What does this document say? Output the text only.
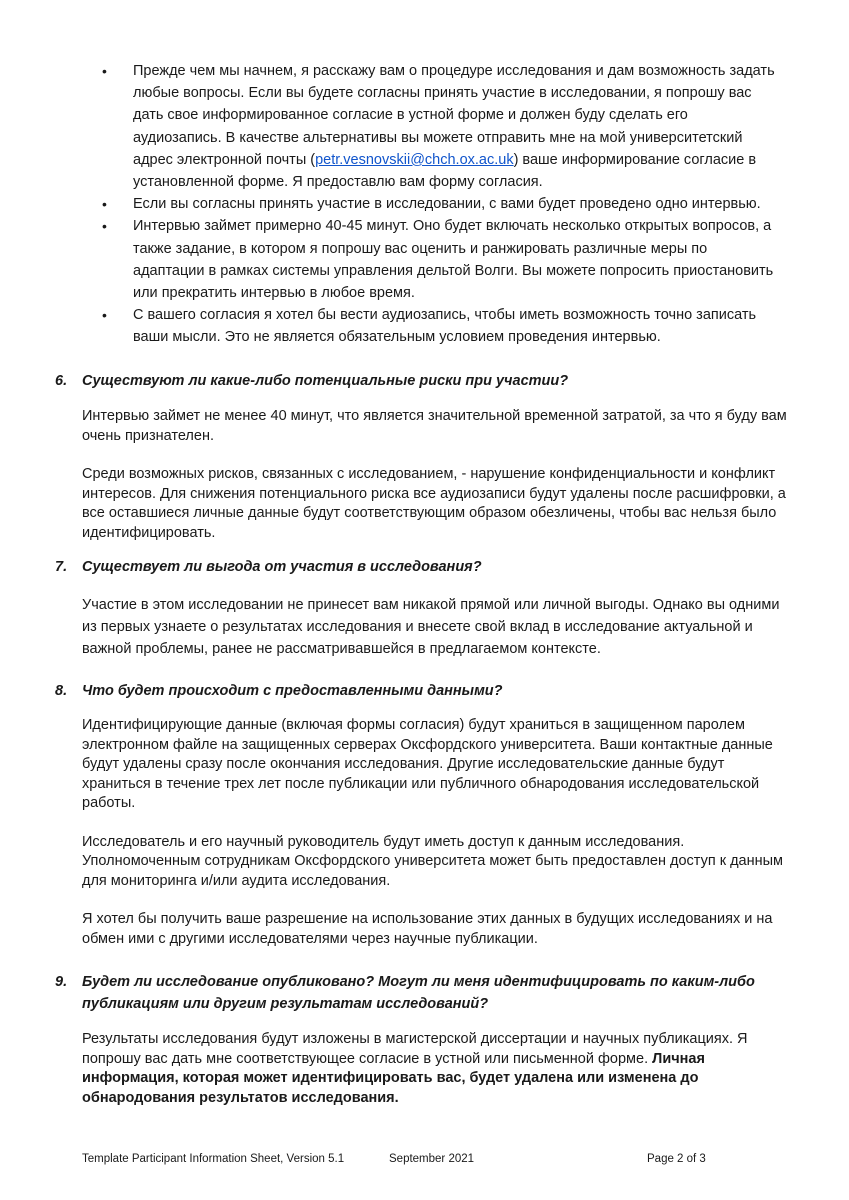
• Прежде чем мы начнем, я расскажу вам о процедуре исследования и дам возможность задать любые вопросы. Если вы будете согласны принять участие в исследовании, я попрошу вас дать свое информированное согласие в устной форме и должен буду сделать его аудиозапись. В качестве альтернативы вы можете отправить мне на мой университетский адрес электронной почты (petr.vesnovskii@chch.ox.ac.uk) ваше информирование согласие в установленной форме. Я предоставлю вам форму согласия.
• Если вы согласны принять участие в исследовании, с вами будет проведено одно интервью.
• Интервью займет примерно 40-45 минут. Оно будет включать несколько открытых вопросов, а также задание, в котором я попрошу вас оценить и ранжировать различные меры по адаптации в рамках системы управления дельтой Волги. Вы можете попросить приостановить или прекратить интервью в любое время.
• С вашего согласия я хотел бы вести аудиозапись, чтобы иметь возможность точно записать ваши мысли. Это не является обязательным условием проведения интервью.
6. Существуют ли какие-либо потенциальные риски при участии?

Интервью займет не менее 40 минут, что является значительной временной затратой, за что я буду вам очень признателен.

Среди возможных рисков, связанных с исследованием, - нарушение конфиденциальности и конфликт интересов. Для снижения потенциального риска все аудиозаписи будут удалены после расшифровки, а все оставшиеся личные данные будут соответствующим образом обезличены, чтобы вас нельзя было идентифицировать.

7. Существует ли выгода от участия в исследования?

Участие в этом исследовании не принесет вам никакой прямой или личной выгоды. Однако вы одними из первых узнаете о результатах исследования и внесете свой вклад в исследование актуальной и важной проблемы, ранее не рассматривавшейся в предлагаемом контексте.

8. Что будет происходит с предоставленными данными?

Идентифицирующие данные (включая формы согласия) будут храниться в защищенном паролем электронном файле на защищенных серверах Оксфордского университета. Ваши контактные данные будут удалены сразу после окончания исследования. Другие исследовательские данные будут храниться в течение трех лет после публикации или публичного обнародования исследовательской работы.

Исследователь и его научный руководитель будут иметь доступ к данным исследования. Уполномоченным сотрудникам Оксфордского университета может быть предоставлен доступ к данным для мониторинга и/или аудита исследования.

Я хотел бы получить ваше разрешение на использование этих данных в будущих исследованиях и на обмен ими с другими исследователями через научные публикации.

9. Будет ли исследование опубликовано? Могут ли меня идентифицировать по каким-либо публикациям или другим результатам исследований?

Результаты исследования будут изложены в магистерской диссертации и научных публикациях. Я попрошу вас дать мне соответствующее согласие в устной или письменной форме. Личная информация, которая может идентифицировать вас, будет удалена или изменена до обнародования результатов исследования.

Template Participant Information Sheet, Version 5.1	September 2021	Page 2 of 3
